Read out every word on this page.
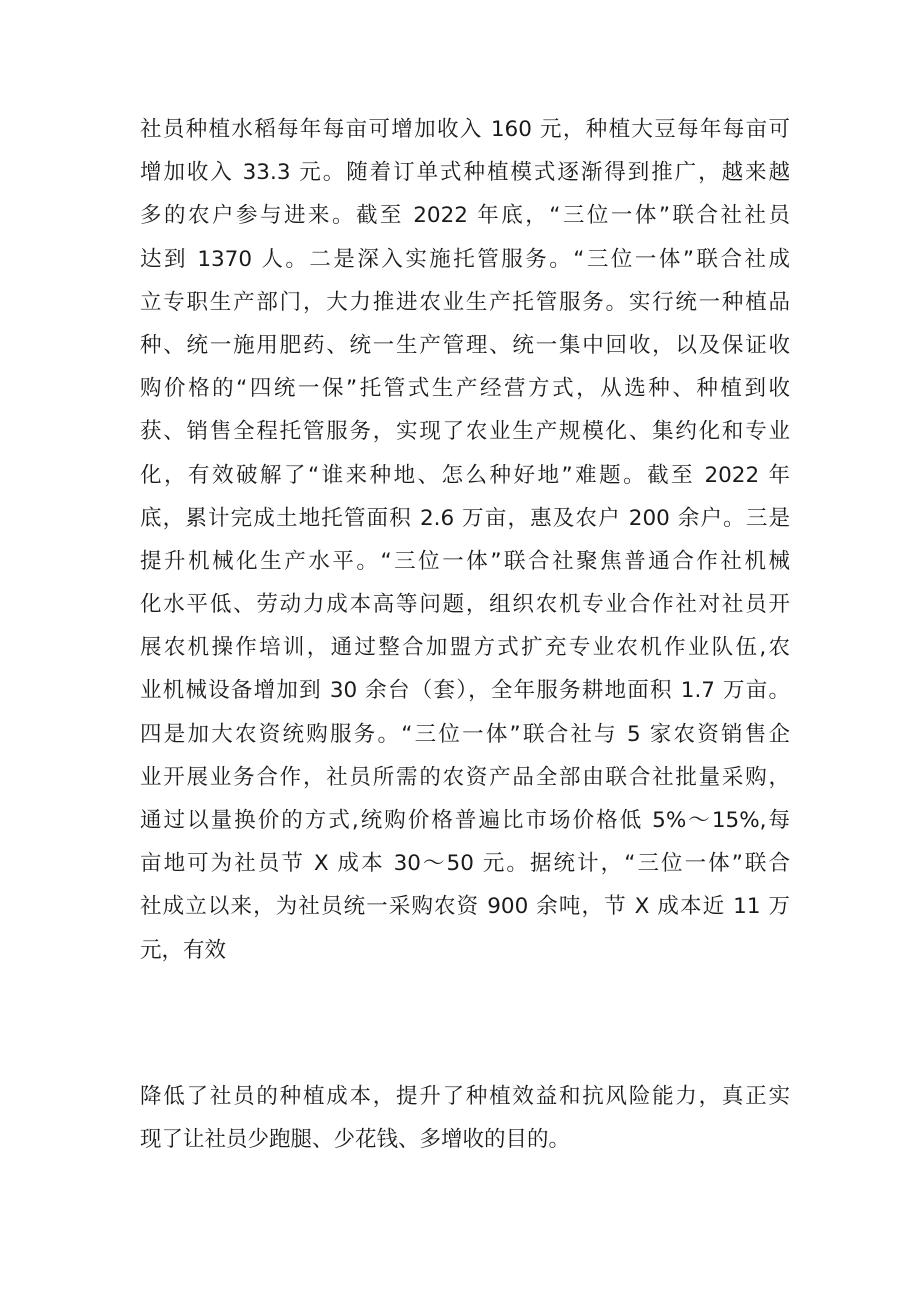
社员种植水稻每年每亩可增加收入 160 元，种植大豆每年每亩可
增加收入 33.3 元。随着订单式种植模式逐渐得到推广，越来越
多的农户参与进来。截至 2022 年底，“三位一体”联合社社员
达到 1370 人。二是深入实施托管服务。“三位一体”联合社成
立专职生产部门，大力推进农业生产托管服务。实行统一种植品
种、统一施用肥药、统一生产管理、统一集中回收，以及保证收
购价格的“四统一保”托管式生产经营方式，从选种、种植到收
获、销售全程托管服务，实现了农业生产规模化、集约化和专业
化，有效破解了“谁来种地、怎么种好地”难题。截至 2022 年
底，累计完成土地托管面积 2.6 万亩，惠及农户 200 余户。三是
提升机械化生产水平。“三位一体”联合社聚焦普通合作社机械
化水平低、劳动力成本高等问题，组织农机专业合作社对社员开
展农机操作培训，通过整合加盟方式扩充专业农机作业队伍,农
业机械设备增加到 30 余台（套），全年服务耕地面积 1.7 万亩。
四是加大农资统购服务。“三位一体”联合社与 5 家农资销售企
业开展业务合作，社员所需的农资产品全部由联合社批量采购，
通过以量换价的方式,统购价格普遍比市场价格低 5%～15%,每
亩地可为社员节 X 成本 30～50 元。据统计，“三位一体”联合
社成立以来，为社员统一采购农资 900 余吨，节 X 成本近 11 万
元，有效
降低了社员的种植成本，提升了种植效益和抗风险能力，真正实
现了让社员少跑腿、少花钱、多增收的目的。
